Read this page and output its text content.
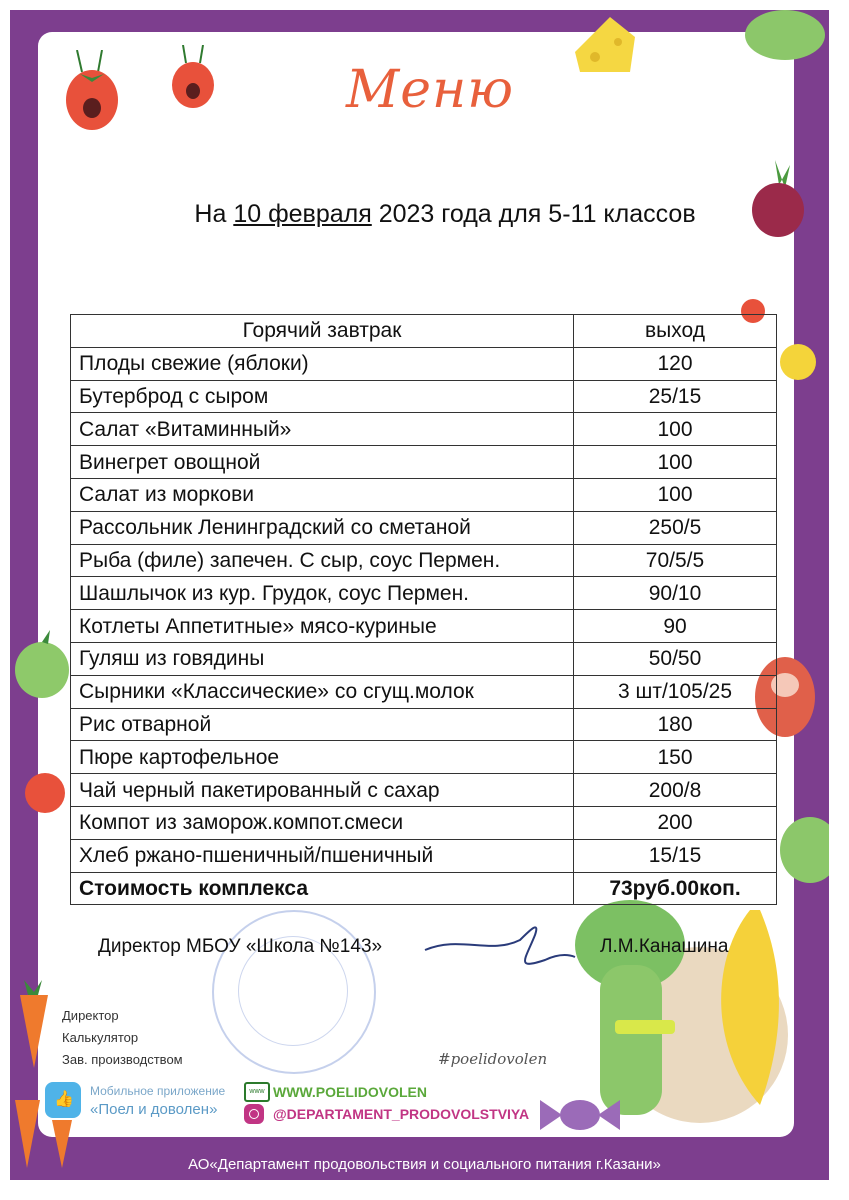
Меню
На 10 февраля 2023 года для 5-11 классов
Горячий завтрак	выход
Плоды свежие (яблоки)	120
Бутерброд с сыром	25/15
Салат «Витаминный»	100
Винегрет овощной	100
Салат из моркови	100
Рассольник Ленинградский со сметаной	250/5
Рыба (филе) запечен. С сыр, соус Пермен.	70/5/5
Шашлычок из кур. Грудок, соус Пермен.	90/10
Котлеты Аппетитные» мясо-куриные	90
Гуляш из говядины	50/50
Сырники «Классические» со сгущ.молок	3 шт/105/25
Рис отварной	180
Пюре картофельное	150
Чай черный пакетированный с сахар	200/8
Компот из заморож.компот.смеси	200
Хлеб ржано-пшеничный/пшеничный	15/15
Стоимость комплекса	73руб.00коп.
Директор МБОУ «Школа №143»	Л.М.Канашина
Директор
Калькулятор
Зав. производством	#poelidovolen
👍
Мобильное приложение
«Поел и доволен»
www WWW.POELIDOVOLEN
@DEPARTAMENT_PRODOVOLSTVIYA
АО«Департамент продовольствия и социального питания г.Казани»
